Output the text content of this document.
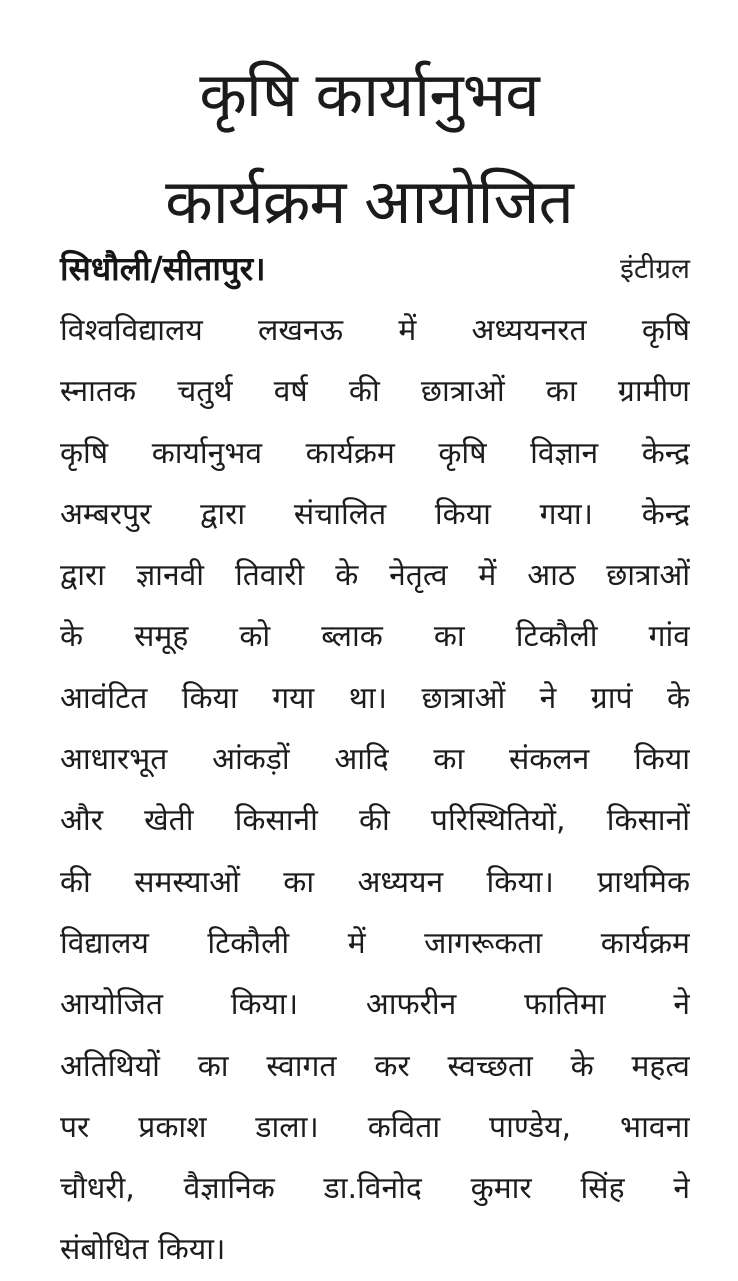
कृषि कार्यानुभव
कार्यक्रम आयोजित
सिधौली/सीतापुर।	इंटीग्रल
विश्वविद्यालय लखनऊ में अध्ययनरत कृषि
स्नातक चतुर्थ वर्ष की छात्राओं का ग्रामीण
कृषि कार्यानुभव कार्यक्रम कृषि विज्ञान केन्द्र
अम्बरपुर द्वारा संचालित किया गया। केन्द्र
द्वारा ज्ञानवी तिवारी के नेतृत्व में आठ छात्राओं
के समूह को ब्लाक का टिकौली गांव
आवंटित किया गया था। छात्राओं ने ग्रापं के
आधारभूत आंकड़ों आदि का संकलन किया
और खेती किसानी की परिस्थितियों, किसानों
की समस्याओं का अध्ययन किया। प्राथमिक
विद्यालय टिकौली में जागरूकता कार्यक्रम
आयोजित किया। आफरीन फातिमा ने
अतिथियों का स्वागत कर स्वच्छता के महत्व
पर प्रकाश डाला। कविता पाण्डेय, भावना
चौधरी, वैज्ञानिक डा.विनोद कुमार सिंह ने
संबोधित किया।
